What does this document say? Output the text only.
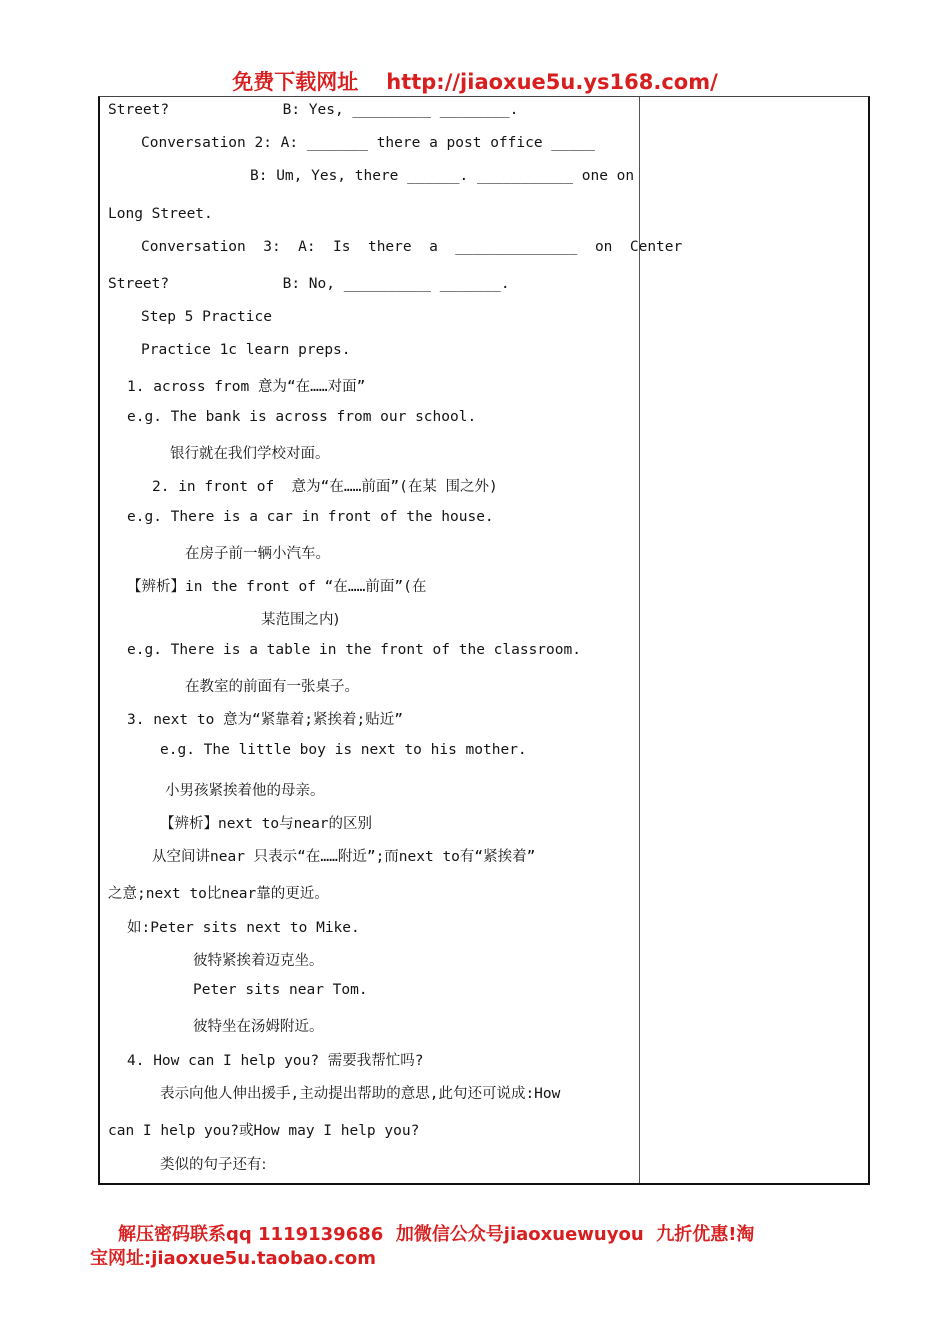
免费下载网址 http://jiaoxue5u.ys168.com/
Street?             B: Yes, _________ ________.
Conversation 2: A: _______ there a post office _____
B: Um, Yes, there ______. ___________ one on
Long Street.
Conversation  3:  A:  Is  there  a  ______________  on  Center
Street?             B: No, __________ _______.
Step 5 Practice
Practice 1c learn preps.
1. across from 意为“在……对面”
e.g. The bank is across from our school.
银行就在我们学校对面。
2. in front of  意为“在……前面”(在某 围之外)
e.g. There is a car in front of the house.
在房子前一辆小汽车。
【辨析】in the front of “在……前面”(在
某范围之内)
e.g. There is a table in the front of the classroom.
在教室的前面有一张桌子。
3. next to 意为“紧靠着;紧挨着;贴近”
e.g. The little boy is next to his mother.
小男孩紧挨着他的母亲。
【辨析】next to与near的区别
从空间讲near 只表示“在……附近”;而next to有“紧挨着”
之意;next to比near靠的更近。
如:Peter sits next to Mike.
彼特紧挨着迈克坐。
Peter sits near Tom.
彼特坐在汤姆附近。
4. How can I help you? 需要我帮忙吗?
表示向他人伸出援手,主动提出帮助的意思,此句还可说成:How
can I help you?或How may I help you?
类似的句子还有:
解压密码联系qq 1119139686  加微信公众号jiaoxuewuyou  九折优惠!淘
宝网址:jiaoxue5u.taobao.com
